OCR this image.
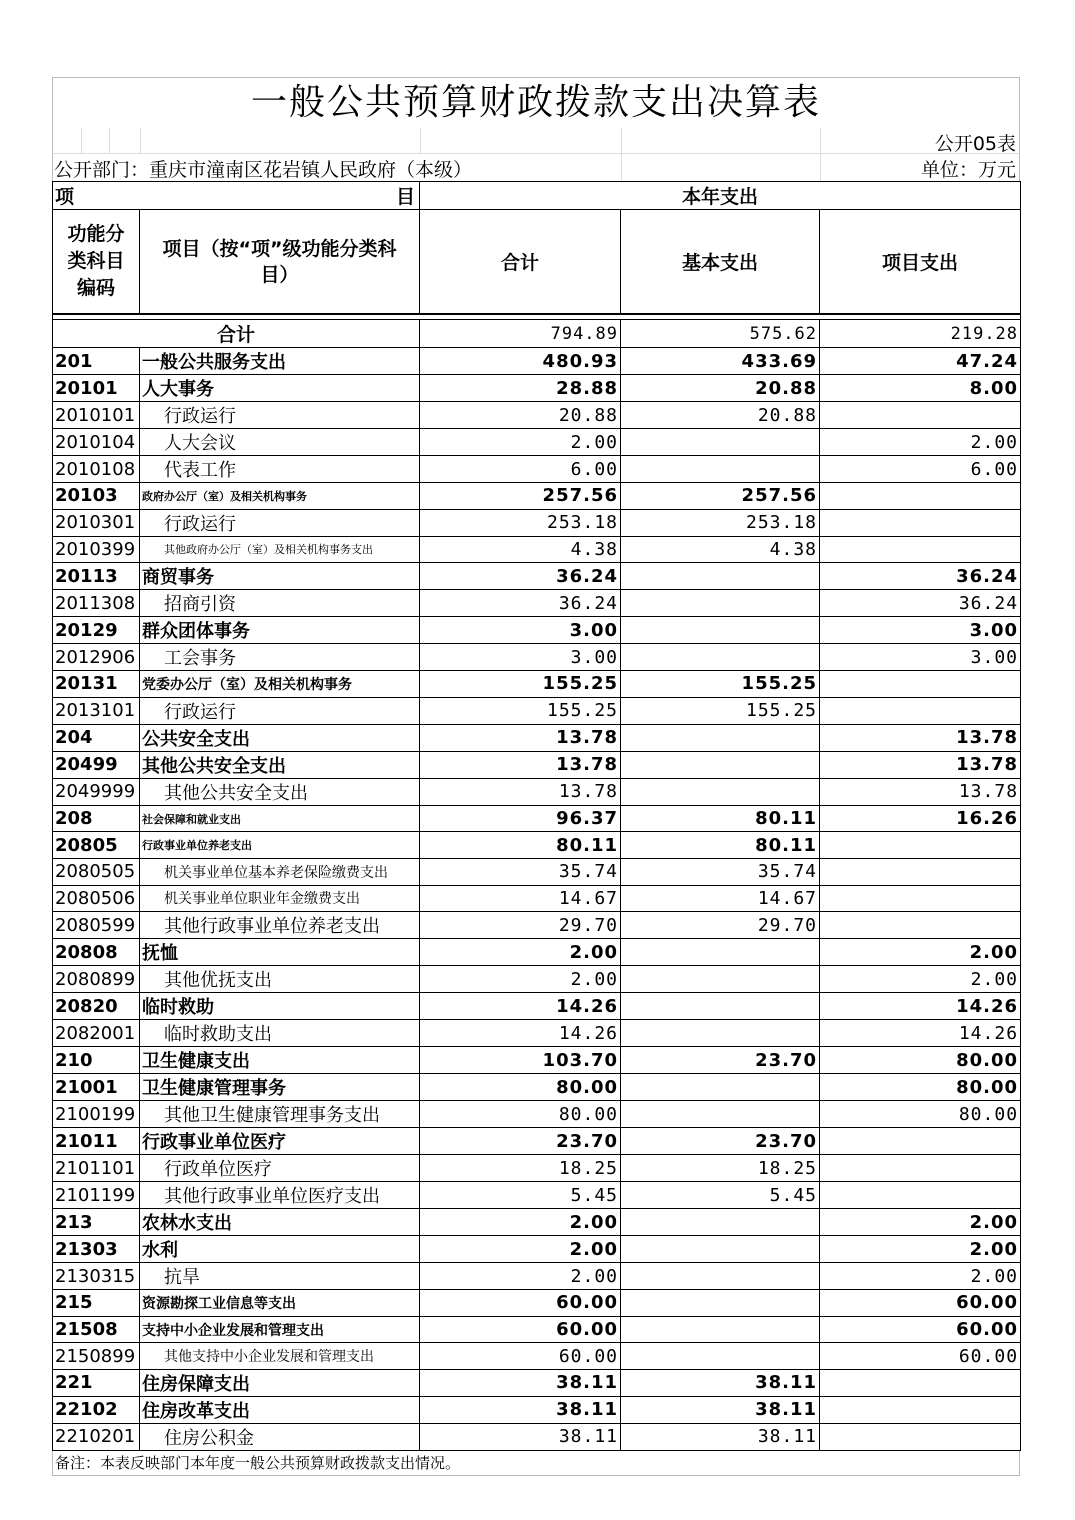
一般公共预算财政拨款支出决算表
公开05表
公开部门：重庆市潼南区花岩镇人民政府（本级）	单位：万元
项 目		本年支出		
功能分类科目编码	项目（按“项”级功能分类科目）	合计	基本支出	项目支出

合计		794.89	575.62	219.28
201	一般公共服务支出	480.93	433.69	47.24
20101	人大事务	28.88	20.88	8.00
2010101	行政运行	20.88	20.88	
2010104	人大会议	2.00		2.00
2010108	代表工作	6.00		6.00
20103	政府办公厅（室）及相关机构事务	257.56	257.56	
2010301	行政运行	253.18	253.18	
2010399	其他政府办公厅（室）及相关机构事务支出	4.38	4.38	
20113	商贸事务	36.24		36.24
2011308	招商引资	36.24		36.24
20129	群众团体事务	3.00		3.00
2012906	工会事务	3.00		3.00
20131	党委办公厅（室）及相关机构事务	155.25	155.25	
2013101	行政运行	155.25	155.25	
204	公共安全支出	13.78		13.78
20499	其他公共安全支出	13.78		13.78
2049999	其他公共安全支出	13.78		13.78
208	社会保障和就业支出	96.37	80.11	16.26
20805	行政事业单位养老支出	80.11	80.11	
2080505	机关事业单位基本养老保险缴费支出	35.74	35.74	
2080506	机关事业单位职业年金缴费支出	14.67	14.67	
2080599	其他行政事业单位养老支出	29.70	29.70	
20808	抚恤	2.00		2.00
2080899	其他优抚支出	2.00		2.00
20820	临时救助	14.26		14.26
2082001	临时救助支出	14.26		14.26
210	卫生健康支出	103.70	23.70	80.00
21001	卫生健康管理事务	80.00		80.00
2100199	其他卫生健康管理事务支出	80.00		80.00
21011	行政事业单位医疗	23.70	23.70	
2101101	行政单位医疗	18.25	18.25	
2101199	其他行政事业单位医疗支出	5.45	5.45	
213	农林水支出	2.00		2.00
21303	水利	2.00		2.00
2130315	抗旱	2.00		2.00
215	资源勘探工业信息等支出	60.00		60.00
21508	支持中小企业发展和管理支出	60.00		60.00
2150899	其他支持中小企业发展和管理支出	60.00		60.00
221	住房保障支出	38.11	38.11	
22102	住房改革支出	38.11	38.11	
2210201	住房公积金	38.11	38.11	
备注：本表反映部门本年度一般公共预算财政拨款支出情况。
